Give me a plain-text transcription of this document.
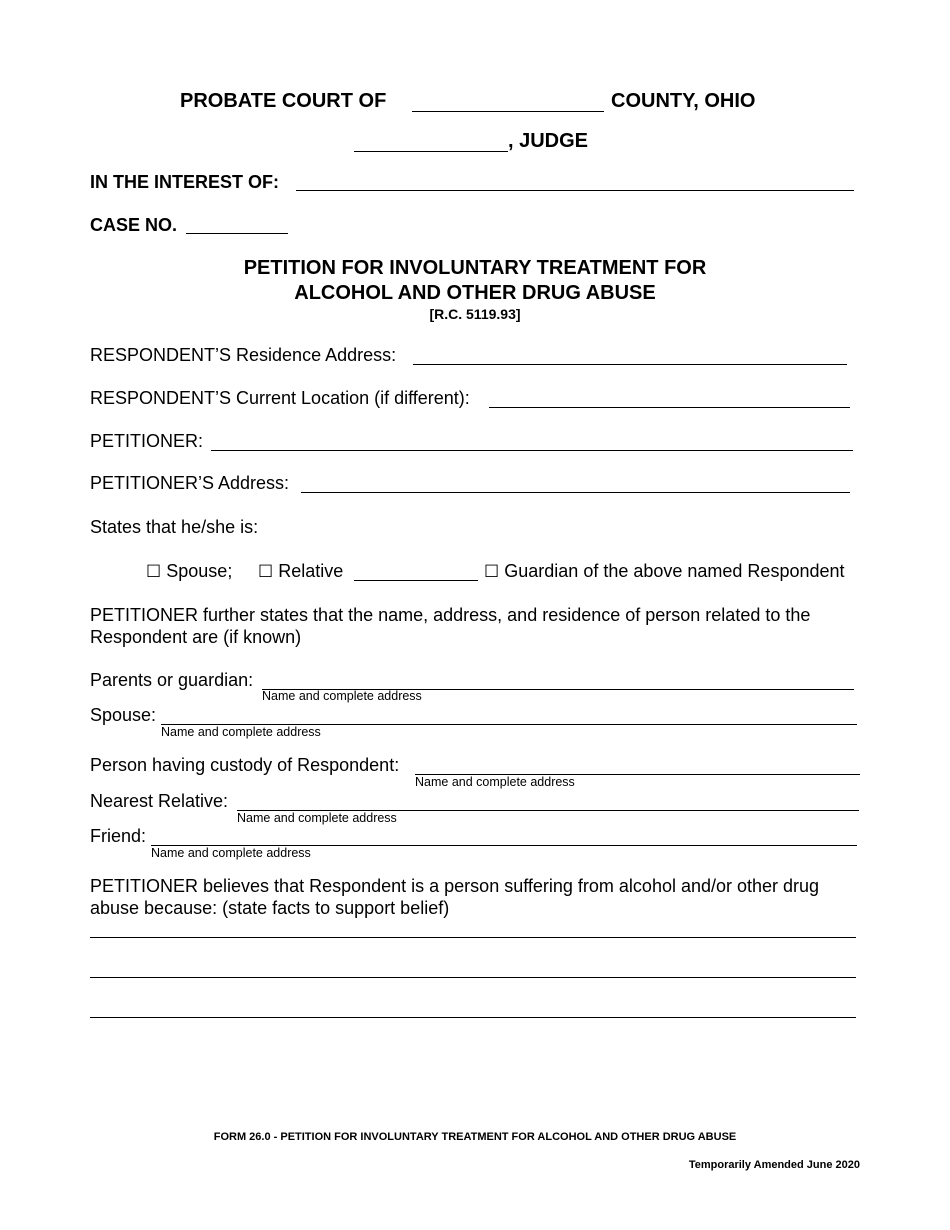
PROBATE COURT OF	COUNTY, OHIO
, JUDGE
IN THE INTEREST OF:
CASE NO.
PETITION FOR INVOLUNTARY TREATMENT FOR
ALCOHOL AND OTHER DRUG ABUSE
[R.C. 5119.93]
RESPONDENT’S Residence Address:
RESPONDENT’S Current Location (if different):
PETITIONER:
PETITIONER’S Address:
States that he/she is:
☐ Spouse; ☐ Relative	☐ Guardian of the above named Respondent
PETITIONER further states that the name, address, and residence of person related to the
Respondent are (if known)
Parents or guardian:
Name and complete address
Spouse:
Name and complete address
Person having custody of Respondent:
Name and complete address
Nearest Relative:
Name and complete address
Friend:
Name and complete address
PETITIONER believes that Respondent is a person suffering from alcohol and/or other drug
abuse because: (state facts to support belief)
FORM 26.0 - PETITION FOR INVOLUNTARY TREATMENT FOR ALCOHOL AND OTHER DRUG ABUSE
Temporarily Amended June 2020
